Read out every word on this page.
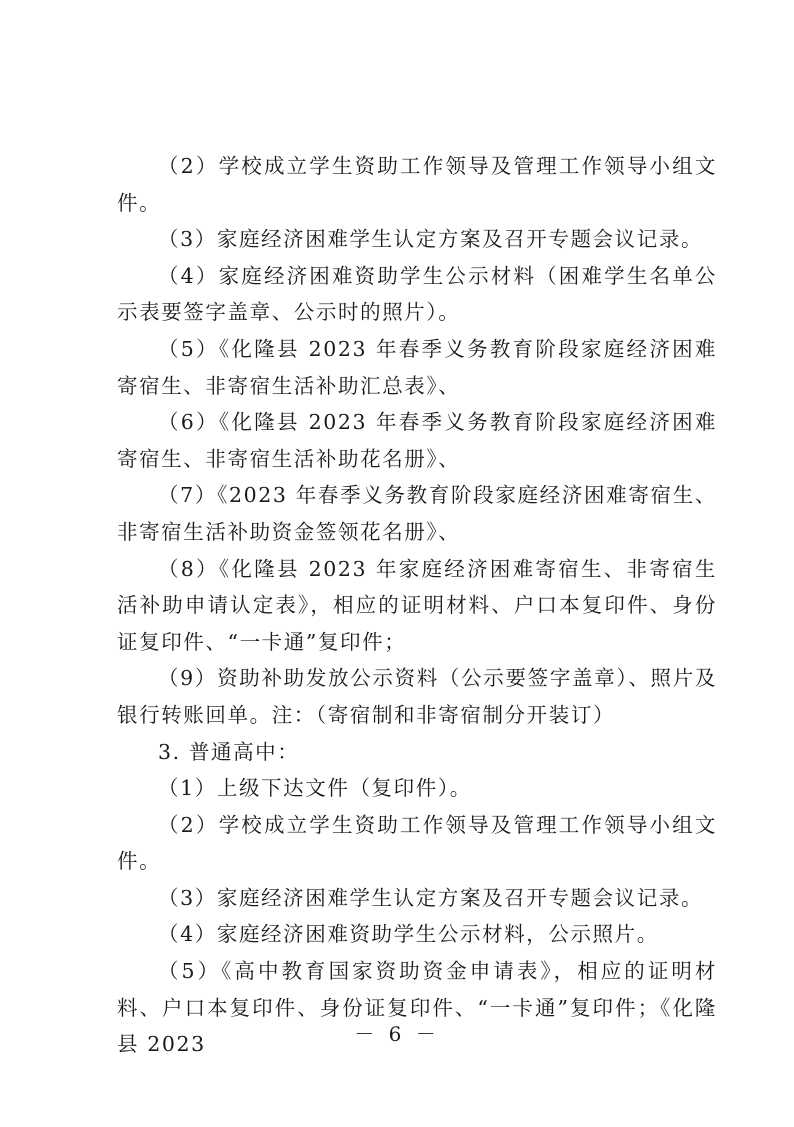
（2）学校成立学生资助工作领导及管理工作领导小组文件。

（3）家庭经济困难学生认定方案及召开专题会议记录。

（4）家庭经济困难资助学生公示材料（困难学生名单公示表要签字盖章、公示时的照片）。

（5）《化隆县 2023 年春季义务教育阶段家庭经济困难寄宿生、非寄宿生活补助汇总表》、

（6）《化隆县 2023 年春季义务教育阶段家庭经济困难寄宿生、非寄宿生活补助花名册》、

（7）《2023 年春季义务教育阶段家庭经济困难寄宿生、非寄宿生活补助资金签领花名册》、

（8）《化隆县 2023 年家庭经济困难寄宿生、非寄宿生活补助申请认定表》，相应的证明材料、户口本复印件、身份证复印件、“一卡通”复印件；

（9）资助补助发放公示资料（公示要签字盖章）、照片及银行转账回单。注：（寄宿制和非寄宿制分开装订）

3. 普通高中：

（1）上级下达文件（复印件）。

（2）学校成立学生资助工作领导及管理工作领导小组文件。

（3）家庭经济困难学生认定方案及召开专题会议记录。

（4）家庭经济困难资助学生公示材料，公示照片。

（5）《高中教育国家资助资金申请表》，相应的证明材料、户口本复印件、身份证复印件、“一卡通”复印件；《化隆县 2023	－ 6 －
